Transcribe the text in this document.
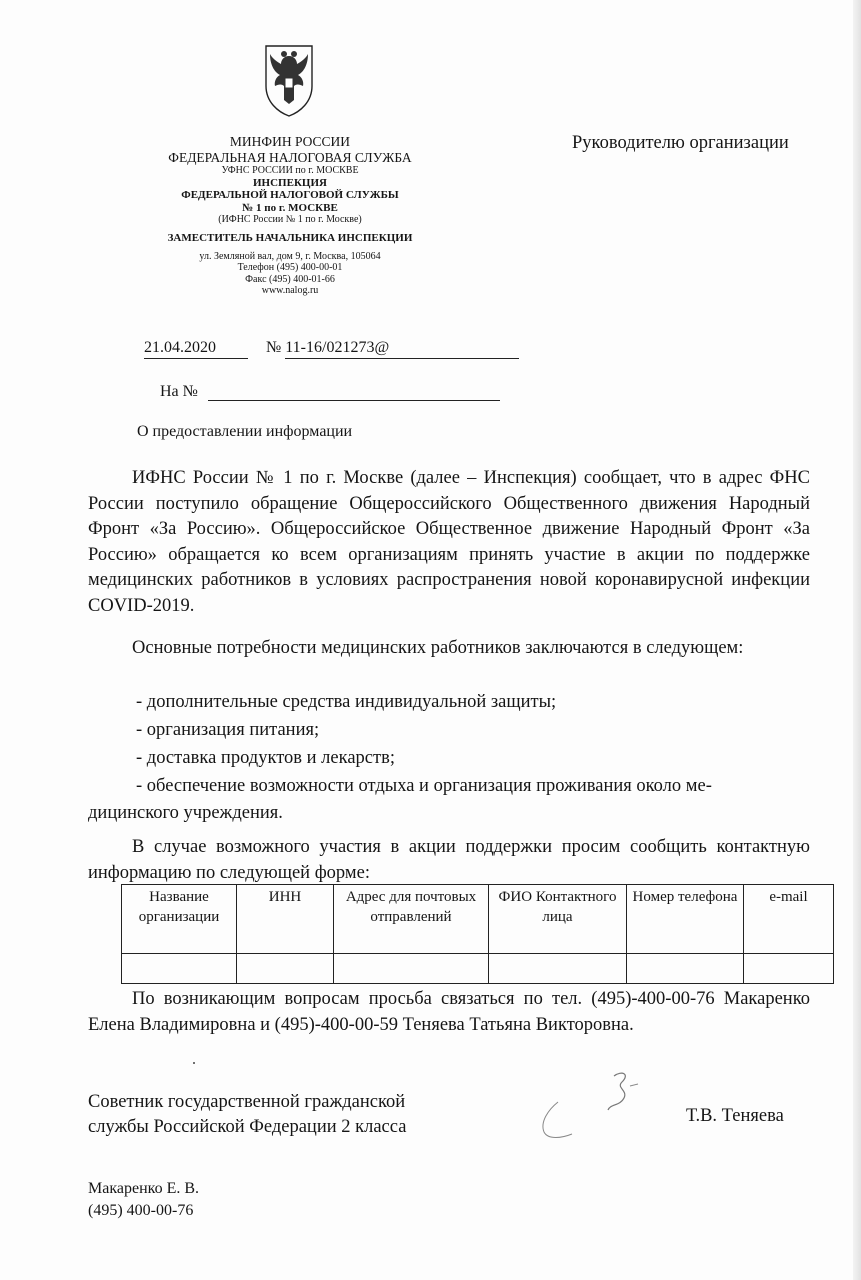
МИНФИН РОССИИ
ФЕДЕРАЛЬНАЯ НАЛОГОВАЯ СЛУЖБА
УФНС РОССИИ по г. МОСКВЕ
ИНСПЕКЦИЯ
ФЕДЕРАЛЬНОЙ НАЛОГОВОЙ СЛУЖБЫ
№ 1 по г. МОСКВЕ
(ИФНС России № 1 по г. Москве)
ЗАМЕСТИТЕЛЬ НАЧАЛЬНИКА ИНСПЕКЦИИ
ул. Земляной вал, дом 9, г. Москва, 105064
Телефон (495) 400-00-01
Факс (495) 400-01-66
www.nalog.ru
Руководителю организации
21.04.2020	№ 11-16/021273@
На №
О предоставлении информации

ИФНС России № 1 по г. Москве (далее – Инспекция) сообщает, что в адрес ФНС России поступило обращение Общероссийского Общественного движения Народный Фронт «За Россию». Общероссийское Общественное движение Народный Фронт «За Россию» обращается ко всем организациям принять участие в акции по поддержке медицинских работников в условиях распространения новой коронавирусной инфекции COVID-2019.

Основные потребности медицинских работников заключаются в следующем:

- дополнительные средства индивидуальной защиты;
- организация питания;
- доставка продуктов и лекарств;
- обеспечение возможности отдыха и организация проживания около ме-
дицинского учреждения.

В случае возможного участия в акции поддержки просим сообщить контактную информацию по следующей форме:

Название организации	ИНН	Адрес для почтовых отправлений	ФИО Контактного лица	Номер телефона	e-mail

По возникающим вопросам просьба связаться по тел. (495)-400-00-76 Макаренко Елена Владимировна и (495)-400-00-59 Теняева Татьяна Викторовна.

Советник государственной гражданской
службы Российской Федерации 2 класса
Т.В. Теняева
Макаренко Е. В.
(495) 400-00-76
